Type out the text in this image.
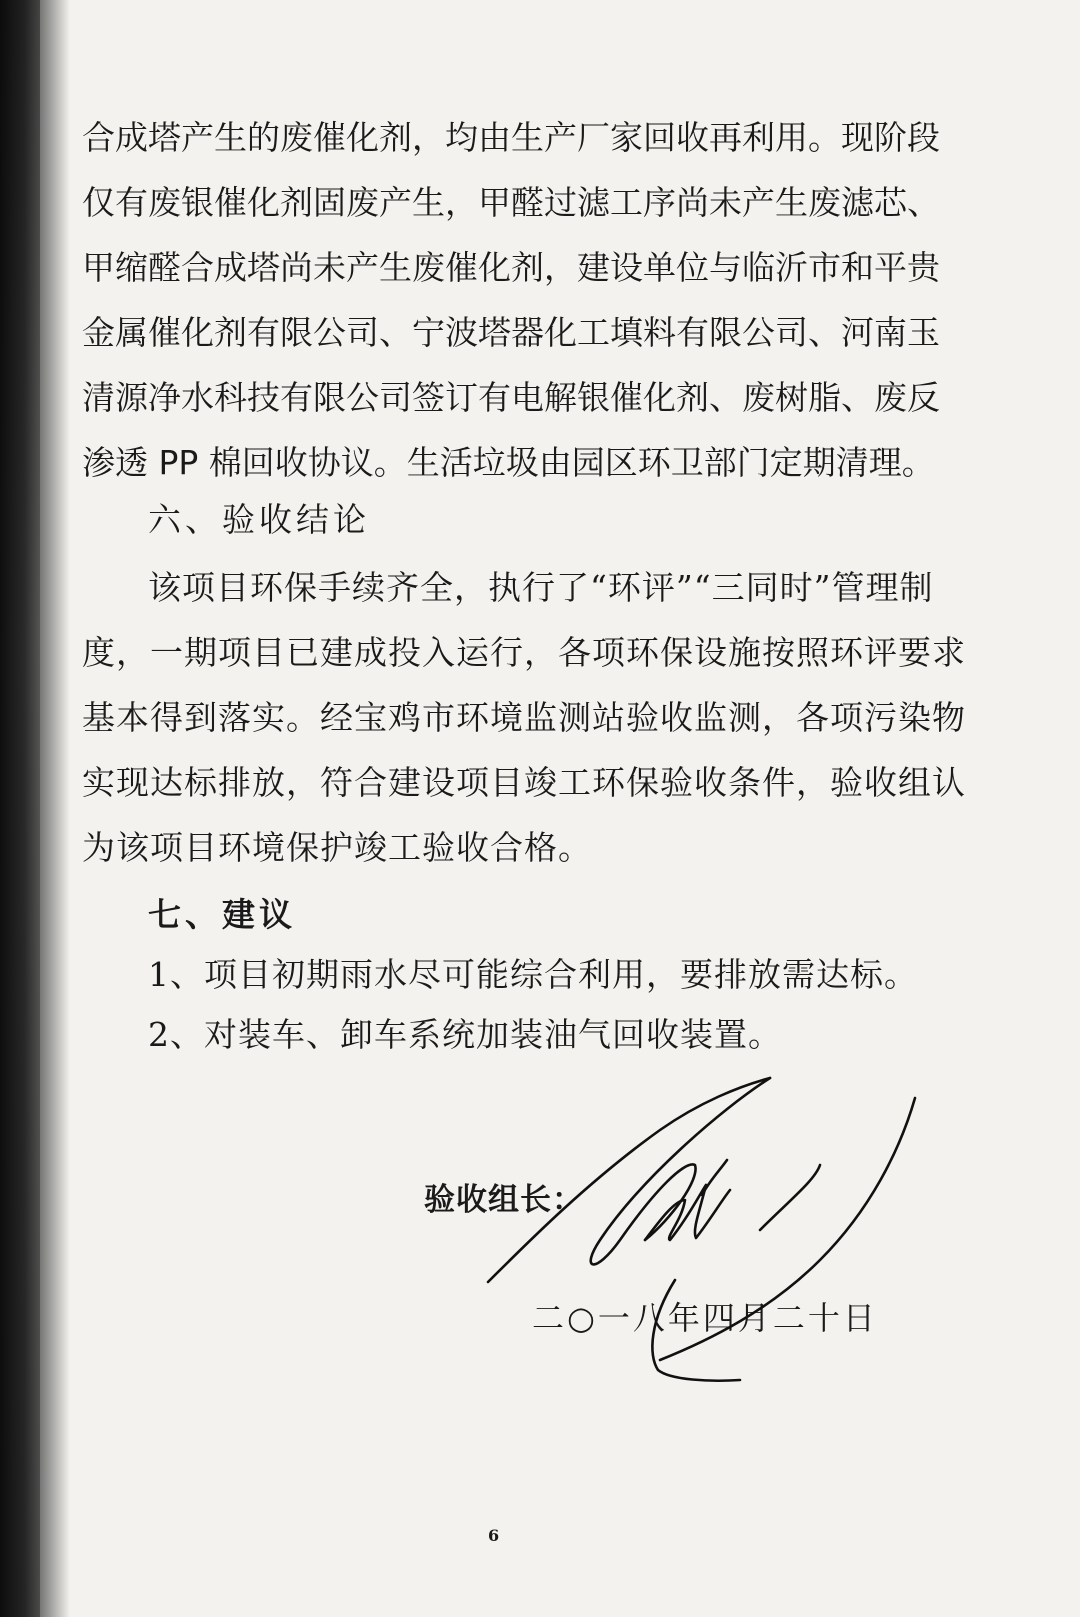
合成塔产生的废催化剂，均由生产厂家回收再利用。现阶段
仅有废银催化剂固废产生，甲醛过滤工序尚未产生废滤芯、
甲缩醛合成塔尚未产生废催化剂，建设单位与临沂市和平贵
金属催化剂有限公司、宁波塔器化工填料有限公司、河南玉
清源净水科技有限公司签订有电解银催化剂、废树脂、废反
渗透 PP 棉回收协议。生活垃圾由园区环卫部门定期清理。
六、验收结论
该项目环保手续齐全，执行了“环评”“三同时”管理制
度，一期项目已建成投入运行，各项环保设施按照环评要求
基本得到落实。经宝鸡市环境监测站验收监测，各项污染物
实现达标排放，符合建设项目竣工环保验收条件，验收组认
为该项目环境保护竣工验收合格。
七、建议
1、项目初期雨水尽可能综合利用，要排放需达标。
2、对装车、卸车系统加装油气回收装置。
验收组长：
二○一八年四月二十日
6
